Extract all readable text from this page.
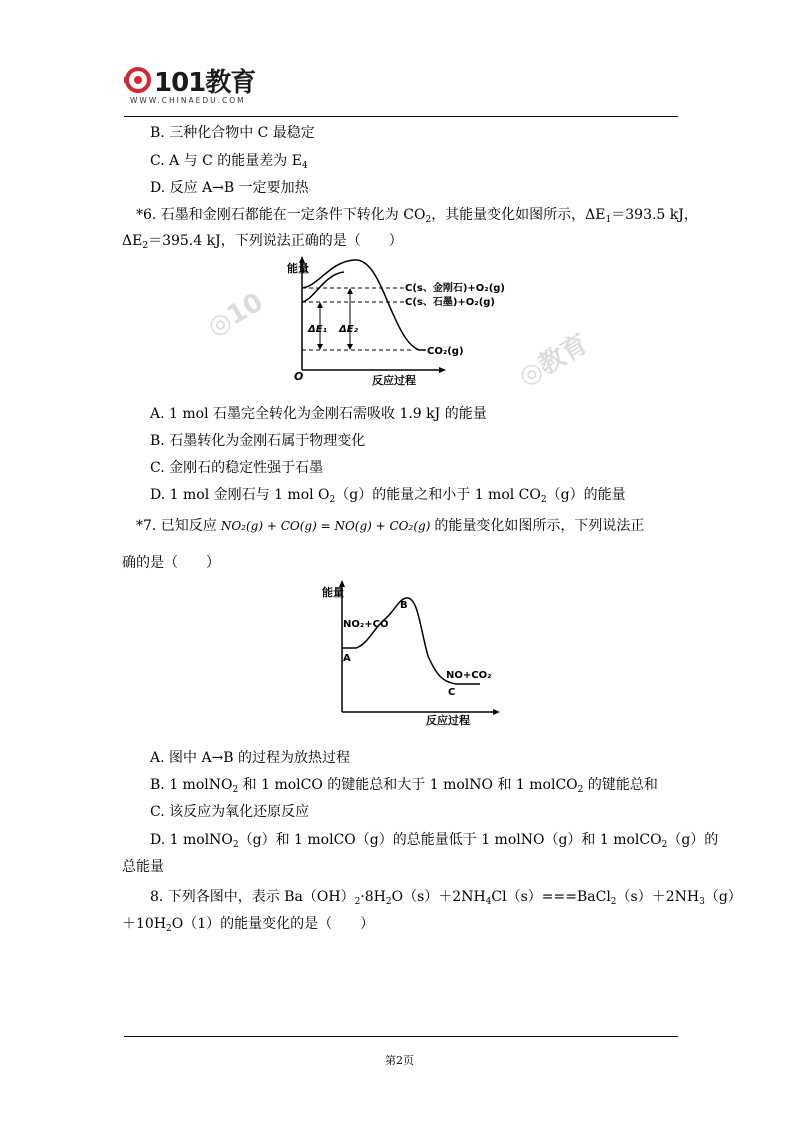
101教育
WWW.CHINAEDU.COM
B. 三种化合物中 C 最稳定
C. A 与 C 的能量差为 $E_4$
D. 反应 A→B 一定要加热
*6. 石墨和金刚石都能在一定条件下转化为 $CO_2$，其能量变化如图所示，$\Delta E_1=393.5$ kJ，
$\Delta E_2=395.4$ kJ，下列说法正确的是（　　）
能量
O	反应过程
ΔE₁ ΔE₂
C(s、金刚石)+O₂(g)
C(s、石墨)+O₂(g)
CO₂(g)
◎10
◎教育
A. 1 mol 石墨完全转化为金刚石需吸收 1.9 kJ 的能量
B. 石墨转化为金刚石属于物理变化
C. 金刚石的稳定性强于石墨
D. 1 mol 金刚石与 1 mol $O_2(g)$的能量之和小于 1 mol $CO_2(g)$的能量
*7. 已知反应 NO₂(g) + CO(g) = NO(g) + CO₂(g) 的能量变化如图所示，下列说法正
确的是（　　）
能量
反应过程
NO₂+CO
A
B
NO+CO₂
C
A. 图中 A→B 的过程为放热过程
B. 1 molNO$_2$ 和 1 molCO 的键能总和大于 1 molNO 和 1 molCO$_2$ 的键能总和
C. 该反应为氧化还原反应
D. 1 molNO$_2$（g）和 1 molCO（g）的总能量低于 1 molNO（g）和 1 molCO$_2$（g）的
总能量
8. 下列各图中，表示 $Ba(OH)_2\cdot 8H_2O(s)+2NH_4Cl(s)===BaCl_2(s)+2NH_3(g)$
$+10H_2O(1)$的能量变化的是（　　）
第2页
